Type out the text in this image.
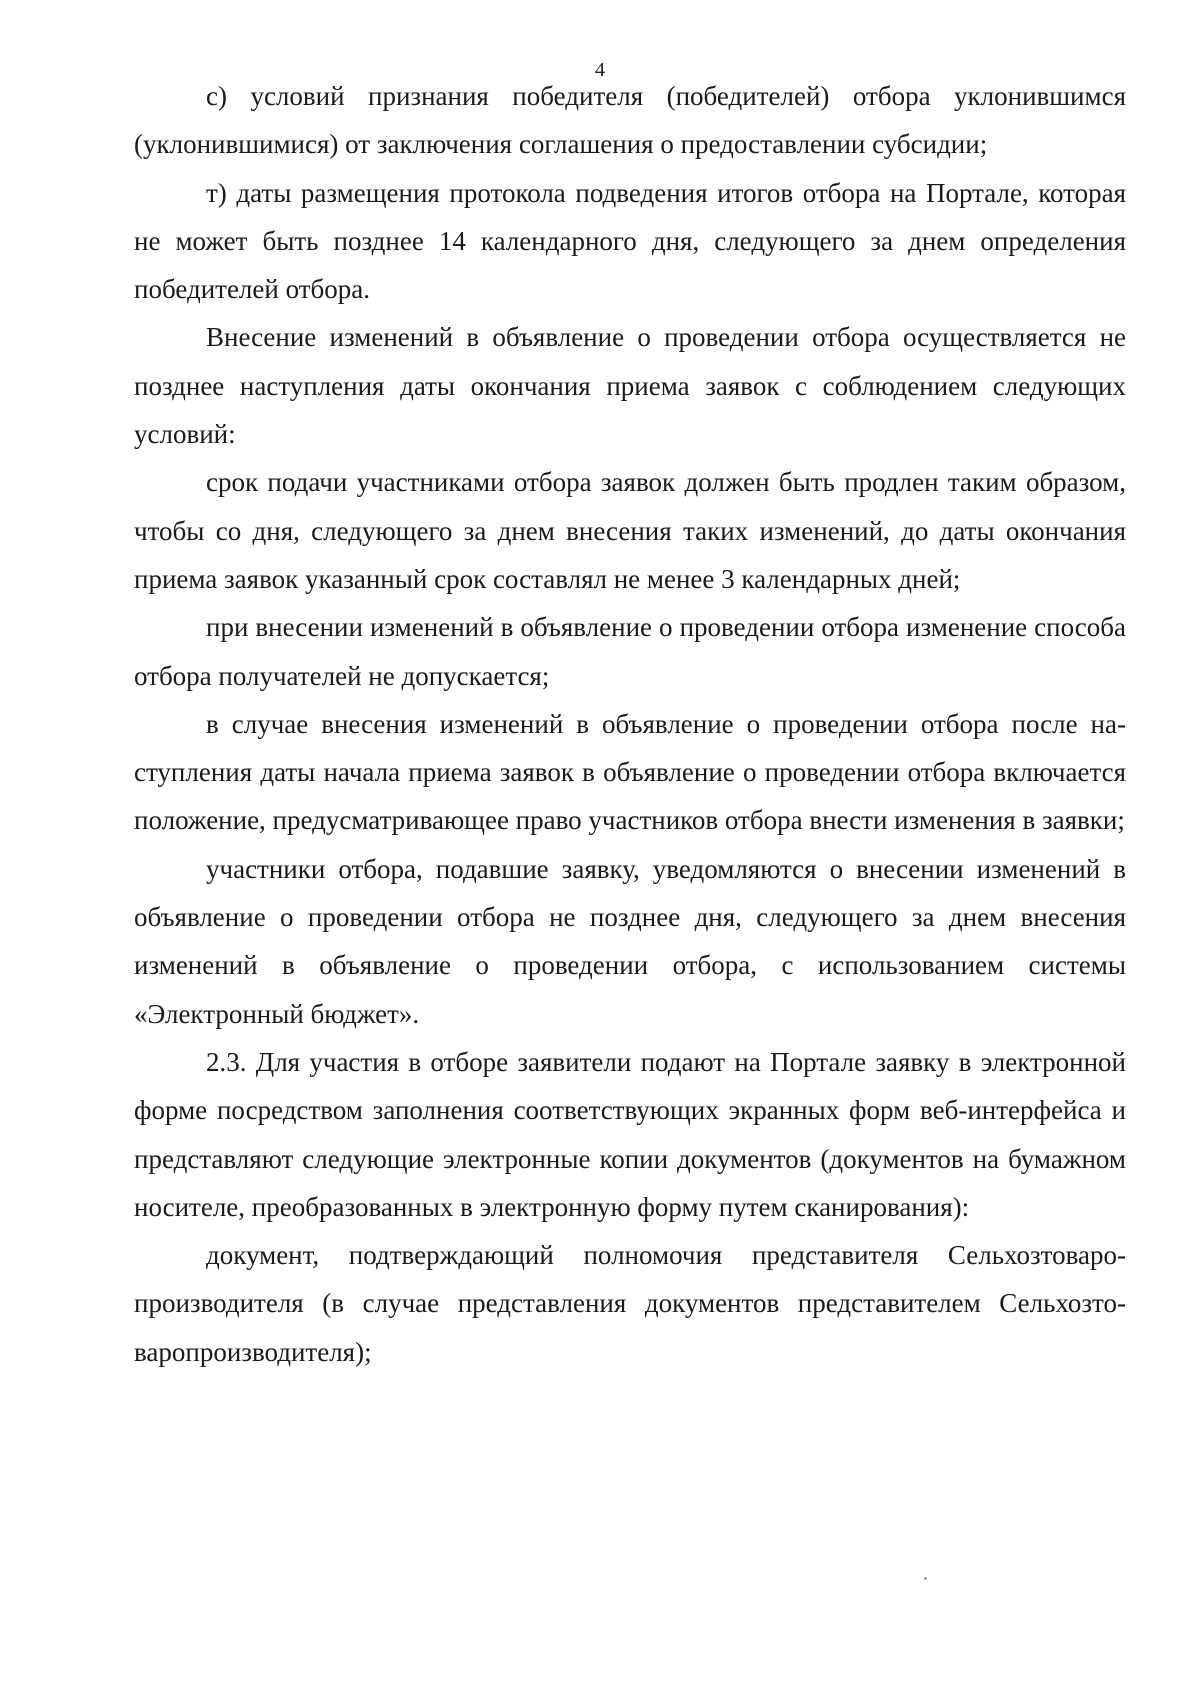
4

с) условий признания победителя (победителей) отбора уклонившимся (уклонившимися) от заключения соглашения о предоставлении субсидии;

т) даты размещения протокола подведения итогов отбора на Портале, которая не может быть позднее 14 календарного дня, следующего за днем определения победителей отбора.

Внесение изменений в объявление о проведении отбора осуществляется не позднее наступления даты окончания приема заявок с соблюдением следующих условий:

срок подачи участниками отбора заявок должен быть продлен таким образом, чтобы со дня, следующего за днем внесения таких изменений, до даты окончания приема заявок указанный срок составлял не менее 3 календарных дней;

при внесении изменений в объявление о проведении отбора изменение способа отбора получателей не допускается;

в случае внесения изменений в объявление о проведении отбора после наступления даты начала приема заявок в объявление о проведении отбора включается положение, предусматривающее право участников отбора внести изменения в заявки;

участники отбора, подавшие заявку, уведомляются о внесении изменений в объявление о проведении отбора не позднее дня, следующего за днем внесения изменений в объявление о проведении отбора, с использованием системы «Электронный бюджет».

2.3. Для участия в отборе заявители подают на Портале заявку в электронной форме посредством заполнения соответствующих экранных форм веб-интерфейса и представляют следующие электронные копии документов (документов на бумажном носителе, преобразованных в электронную форму путем сканирования):

документ, подтверждающий полномочия представителя Сельхозтоваропроизводителя (в случае представления документов представителем Сельхозтоваропроизводителя);
